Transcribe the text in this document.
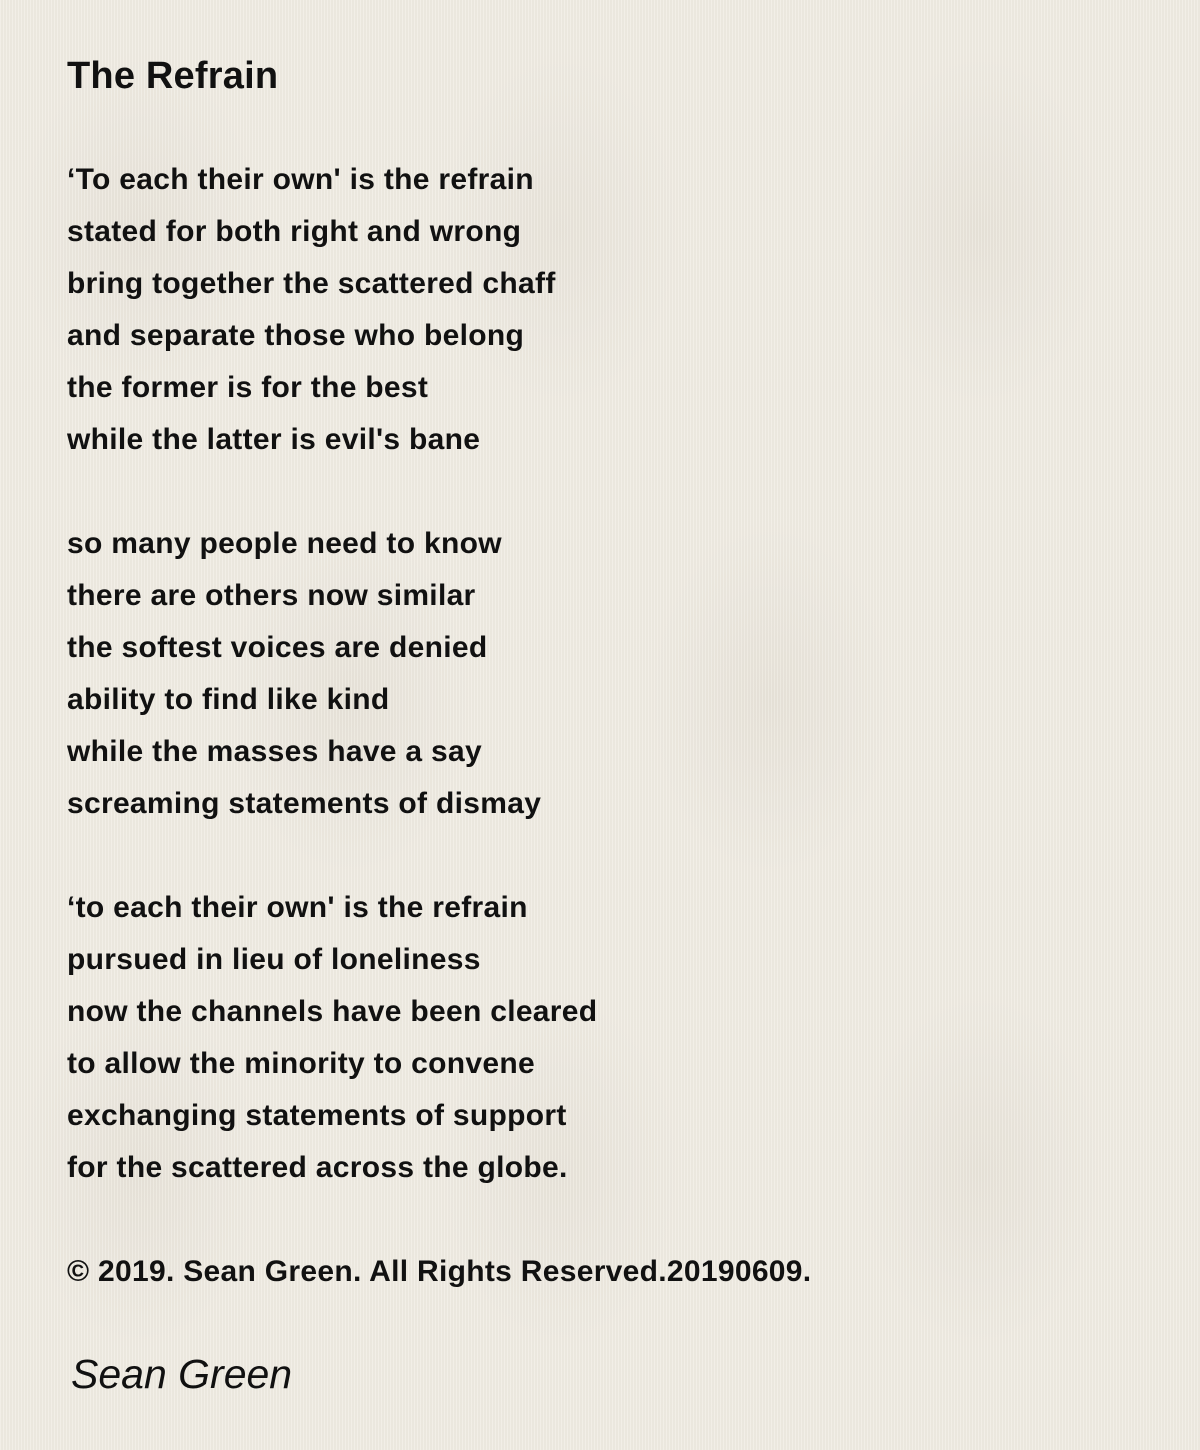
The Refrain
‘To each their own' is the refrain
stated for both right and wrong
bring together the scattered chaff
and separate those who belong
the former is for the best
while the latter is evil's bane
so many people need to know
there are others now similar
the softest voices are denied
ability to find like kind
while the masses have a say
screaming statements of dismay
‘to each their own' is the refrain
pursued in lieu of loneliness
now the channels have been cleared
to allow the minority to convene
exchanging statements of support
for the scattered across the globe.
© 2019. Sean Green. All Rights Reserved.20190609.
Sean Green
